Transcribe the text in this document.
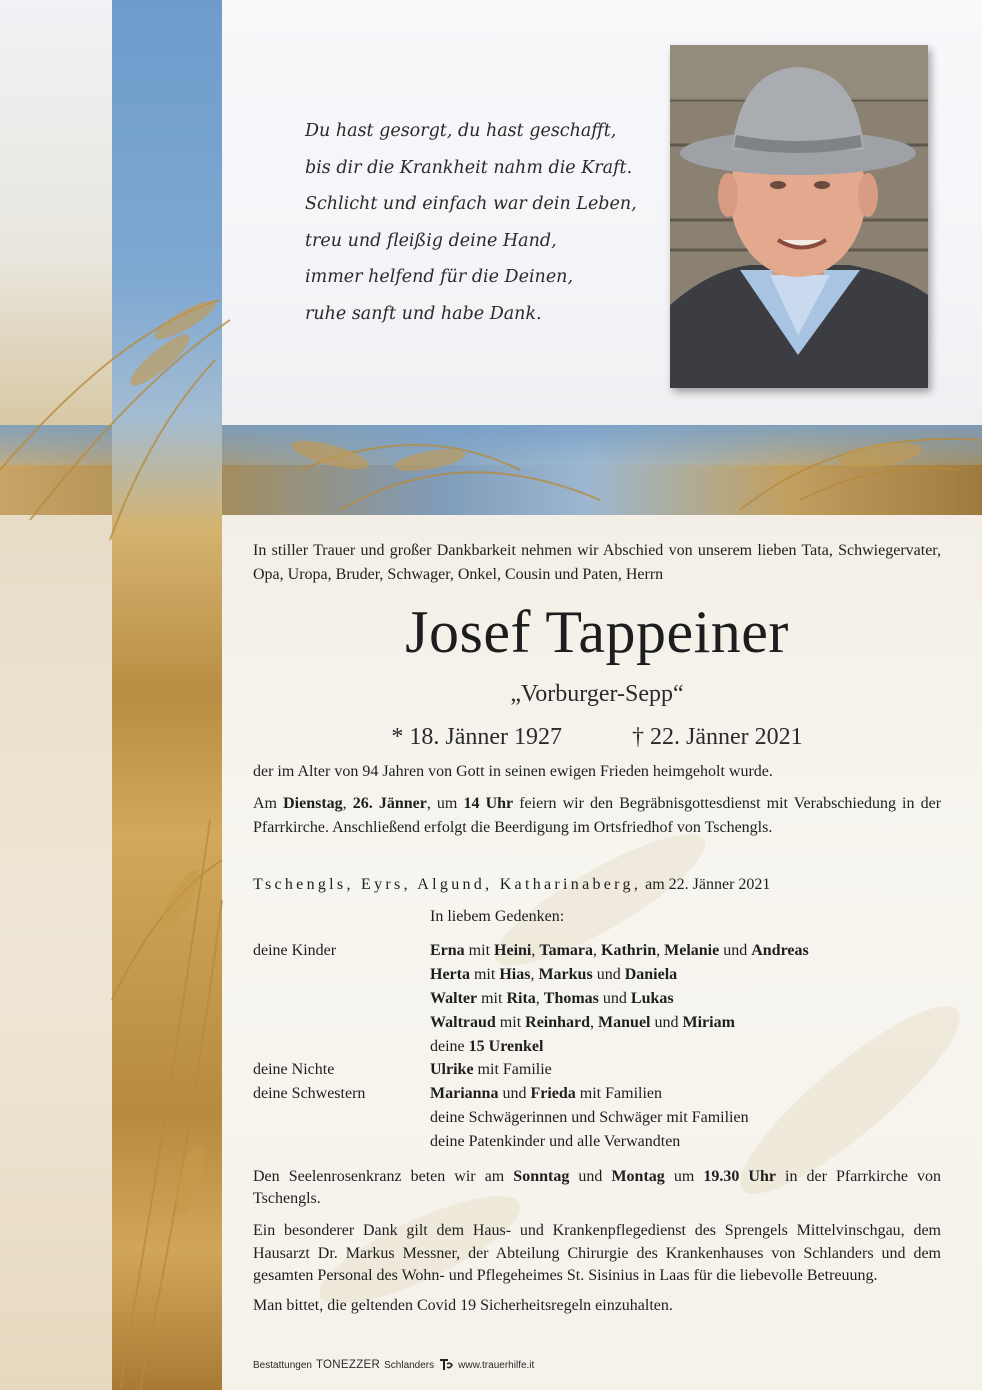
Du hast gesorgt, du hast geschafft,
bis dir die Krankheit nahm die Kraft.
Schlicht und einfach war dein Leben,
treu und fleißig deine Hand,
immer helfend für die Deinen,
ruhe sanft und habe Dank.
In stiller Trauer und großer Dankbarkeit nehmen wir Abschied von unserem lieben Tata, Schwiegervater, Opa, Uropa, Bruder, Schwager, Onkel, Cousin und Paten, Herrn
Josef Tappeiner
„Vorburger-Sepp“
* 18. Jänner 1927	† 22. Jänner 2021
der im Alter von 94 Jahren von Gott in seinen ewigen Frieden heimgeholt wurde.
Am Dienstag, 26. Jänner, um 14 Uhr feiern wir den Begräbnisgottesdienst mit Verabschiedung in der Pfarrkirche. Anschließend erfolgt die Beerdigung im Ortsfriedhof von Tschengls.
Tschengls, Eyrs, Algund, Katharinaberg, am 22. Jänner 2021
In liebem Gedenken:
deine Kinder
deine Nichte
deine Schwestern
Erna mit Heini, Tamara, Kathrin, Melanie und Andreas
Herta mit Hias, Markus und Daniela
Walter mit Rita, Thomas und Lukas
Waltraud mit Reinhard, Manuel und Miriam
deine 15 Urenkel
Ulrike mit Familie
Marianna und Frieda mit Familien
deine Schwägerinnen und Schwäger mit Familien
deine Patenkinder und alle Verwandten
Den Seelenrosenkranz beten wir am Sonntag und Montag um 19.30 Uhr in der Pfarrkirche von Tschengls.
Ein besonderer Dank gilt dem Haus- und Krankenpflegedienst des Sprengels Mittelvinschgau, dem Hausarzt Dr. Markus Messner, der Abteilung Chirurgie des Krankenhauses von Schlanders und dem gesamten Personal des Wohn- und Pflegeheimes St. Sisinius in Laas für die liebevolle Betreuung.
Man bittet, die geltenden Covid 19 Sicherheitsregeln einzuhalten.
Bestattungen TONEZZER Schlanders www.trauerhilfe.it
